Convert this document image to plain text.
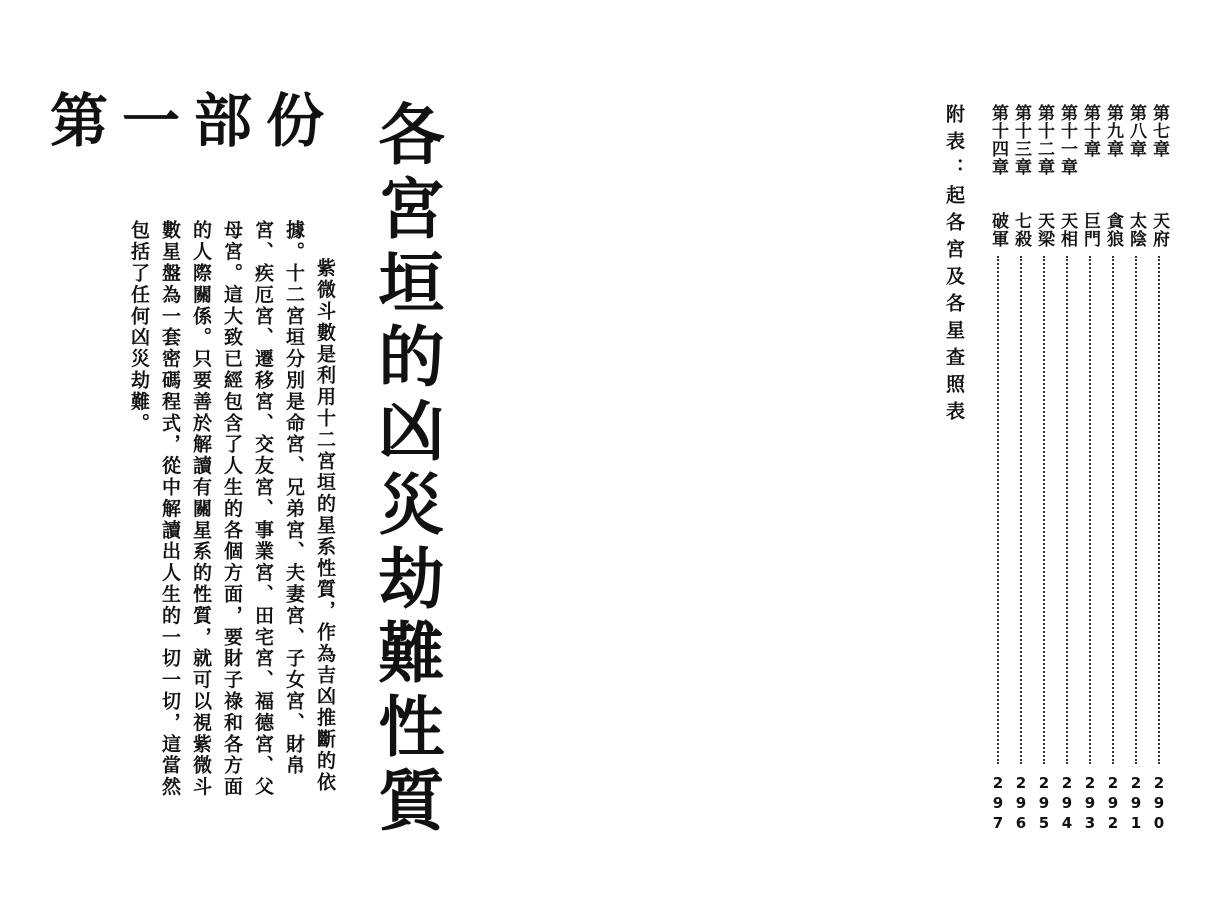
第一部份 各宮垣的凶災劫難性質

紫微斗數是利用十二宮垣的星系性質，作為吉凶推斷的依據。十二宮垣分別是命宮、兄弟宮、夫妻宮、子女宮、財帛宮、疾厄宮、遷移宮、交友宮、事業宮、田宅宮、福德宮、父母宮。這大致已經包含了人生的各個方面，要財子祿和各方面的人際關係。只要善於解讀有關星系的性質，就可以視紫微斗數星盤為一套密碼程式，從中解讀出人生的一切一切，這當然包括了任何凶災劫難。	附表：起各宮及各星查照表	第七章
天府
290
第八章
太陰
291
第九章
貪狼
292
第十章
巨門
293
第十一章
天相
294
第十二章
天梁
295
第十三章
七殺
296
第十四章
破軍
297
